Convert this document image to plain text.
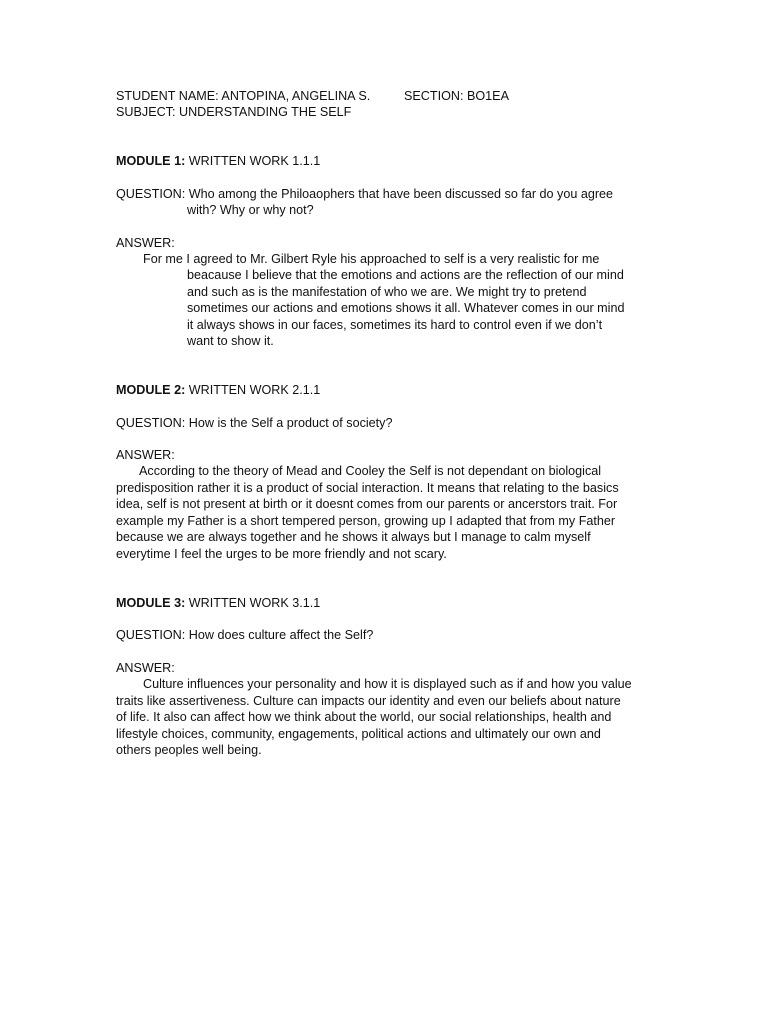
STUDENT NAME: ANTOPINA, ANGELINA S.	SECTION: BO1EA
SUBJECT: UNDERSTANDING THE SELF
MODULE 1: WRITTEN WORK 1.1.1
QUESTION: Who among the Philoaophers that have been discussed so far do you agree
with? Why or why not?
ANSWER:
For me I agreed to Mr. Gilbert Ryle his approached to self is a very realistic for me
beacause I believe that the emotions and actions are the reflection of our mind
and such as is the manifestation of who we are. We might try to pretend
sometimes our actions and emotions shows it all. Whatever comes in our mind
it always shows in our faces, sometimes its hard to control even if we don’t
want to show it.
MODULE 2: WRITTEN WORK 2.1.1
QUESTION: How is the Self a product of society?
ANSWER:
According to the theory of Mead and Cooley the Self is not dependant on biological
predisposition rather it is a product of social interaction. It means that relating to the basics
idea, self is not present at birth or it doesnt comes from our parents or ancerstors trait. For
example my Father is a short tempered person, growing up I adapted that from my Father
because we are always together and he shows it always but I manage to calm myself
everytime I feel the urges to be more friendly and not scary.
MODULE 3: WRITTEN WORK 3.1.1
QUESTION: How does culture affect the Self?
ANSWER:
Culture influences your personality and how it is displayed such as if and how you value
traits like assertiveness. Culture can impacts our identity and even our beliefs about nature
of life. It also can affect how we think about the world, our social relationships, health and
lifestyle choices, community, engagements, political actions and ultimately our own and
others peoples well being.
